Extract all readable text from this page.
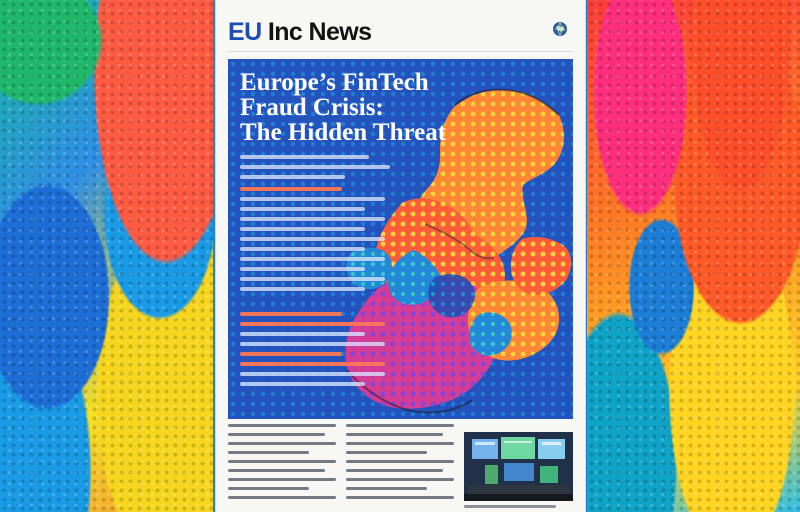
EU Inc News
Europe’s FinTech
Fraud Crisis:
The Hidden Threat
